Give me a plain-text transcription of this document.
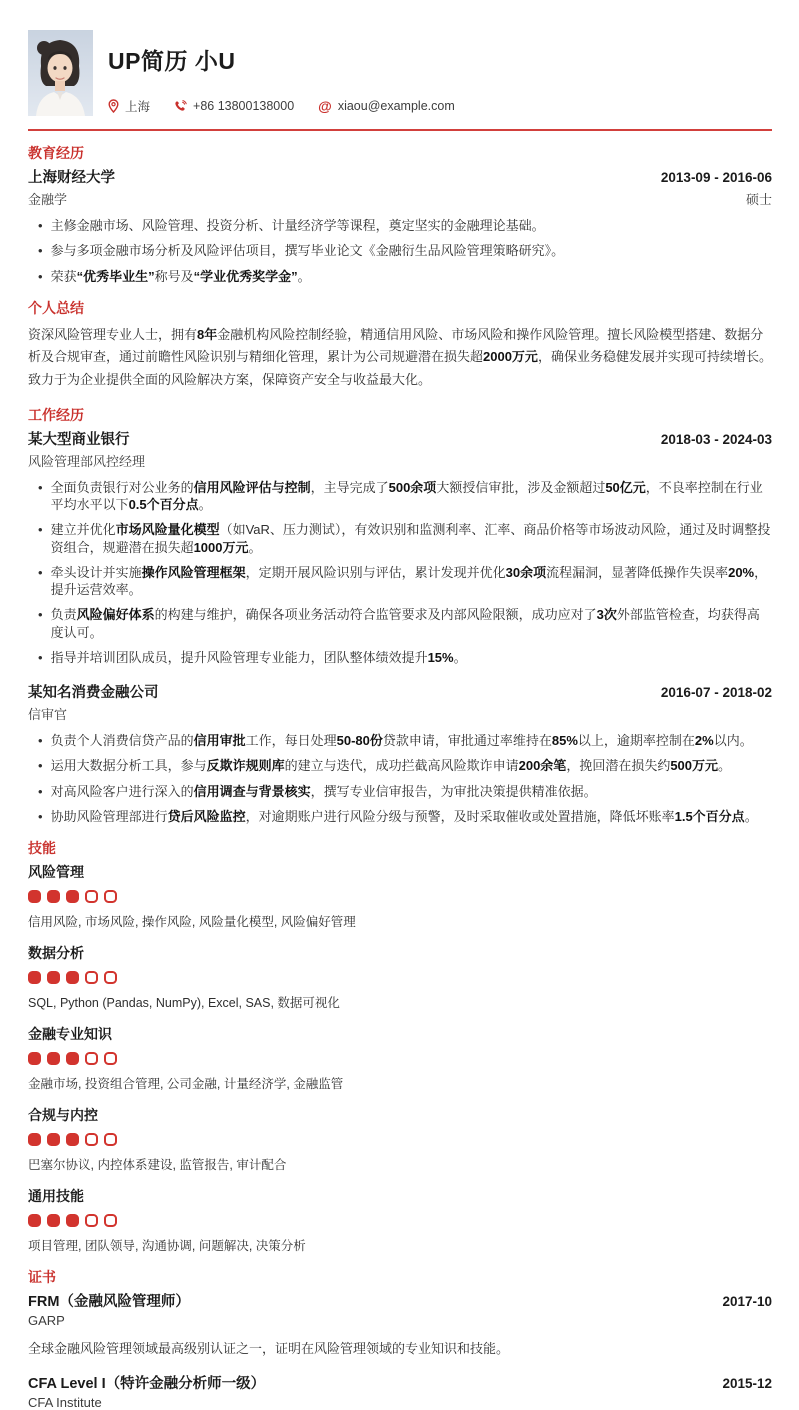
UP简历 小U
上海	+86 13800138000 @ xiaou@example.com
教育经历
上海财经大学	2013-09 - 2016-06
金融学	硕士
• 主修金融市场、风险管理、投资分析、计量经济学等课程，奠定坚实的金融理论基础。
• 参与多项金融市场分析及风险评估项目，撰写毕业论文《金融衍生品风险管理策略研究》。
• 荣获“优秀毕业生”称号及“学业优秀奖学金”。
个人总结

资深风险管理专业人士，拥有8年金融机构风险控制经验，精通信用风险、市场风险和操作风险管理。擅长风险模型搭建、数据分析及合规审查，通过前瞻性风险识别与精细化管理，累计为公司规避潜在损失超2000万元，确保业务稳健发展并实现可持续增长。致力于为企业提供全面的风险解决方案，保障资产安全与收益最大化。

工作经历
某大型商业银行	2018-03 - 2024-03
风险管理部风控经理
• 全面负责银行对公业务的信用风险评估与控制，主导完成了500余项大额授信审批，涉及金额超过50亿元，不良率控制在行业平均水平以下0.5个百分点。
• 建立并优化市场风险量化模型（如VaR、压力测试），有效识别和监测利率、汇率、商品价格等市场波动风险，通过及时调整投资组合，规避潜在损失超1000万元。
• 牵头设计并实施操作风险管理框架，定期开展风险识别与评估，累计发现并优化30余项流程漏洞，显著降低操作失误率20%，提升运营效率。
• 负责风险偏好体系的构建与维护，确保各项业务活动符合监管要求及内部风险限额，成功应对了3次外部监管检查，均获得高度认可。
• 指导并培训团队成员，提升风险管理专业能力，团队整体绩效提升15%。
某知名消费金融公司	2016-07 - 2018-02
信审官
• 负责个人消费信贷产品的信用审批工作，每日处理50-80份贷款申请，审批通过率维持在85%以上，逾期率控制在2%以内。
• 运用大数据分析工具，参与反欺诈规则库的建立与迭代，成功拦截高风险欺诈申请200余笔，挽回潜在损失约500万元。
• 对高风险客户进行深入的信用调查与背景核实，撰写专业信审报告，为审批决策提供精准依据。
• 协助风险管理部进行贷后风险监控，对逾期账户进行风险分级与预警，及时采取催收或处置措施，降低坏账率1.5个百分点。
技能
风险管理

信用风险, 市场风险, 操作风险, 风险量化模型, 风险偏好管理

数据分析

SQL, Python (Pandas, NumPy), Excel, SAS, 数据可视化

金融专业知识

金融市场, 投资组合管理, 公司金融, 计量经济学, 金融监管

合规与内控

巴塞尔协议, 内控体系建设, 监管报告, 审计配合

通用技能

项目管理, 团队领导, 沟通协调, 问题解决, 决策分析

证书
FRM（金融风险管理师）	2017-10
GARP

全球金融风险管理领域最高级别认证之一，证明在风险管理领域的专业知识和技能。

CFA Level I（特许金融分析师一级）	2015-12
CFA Institute
